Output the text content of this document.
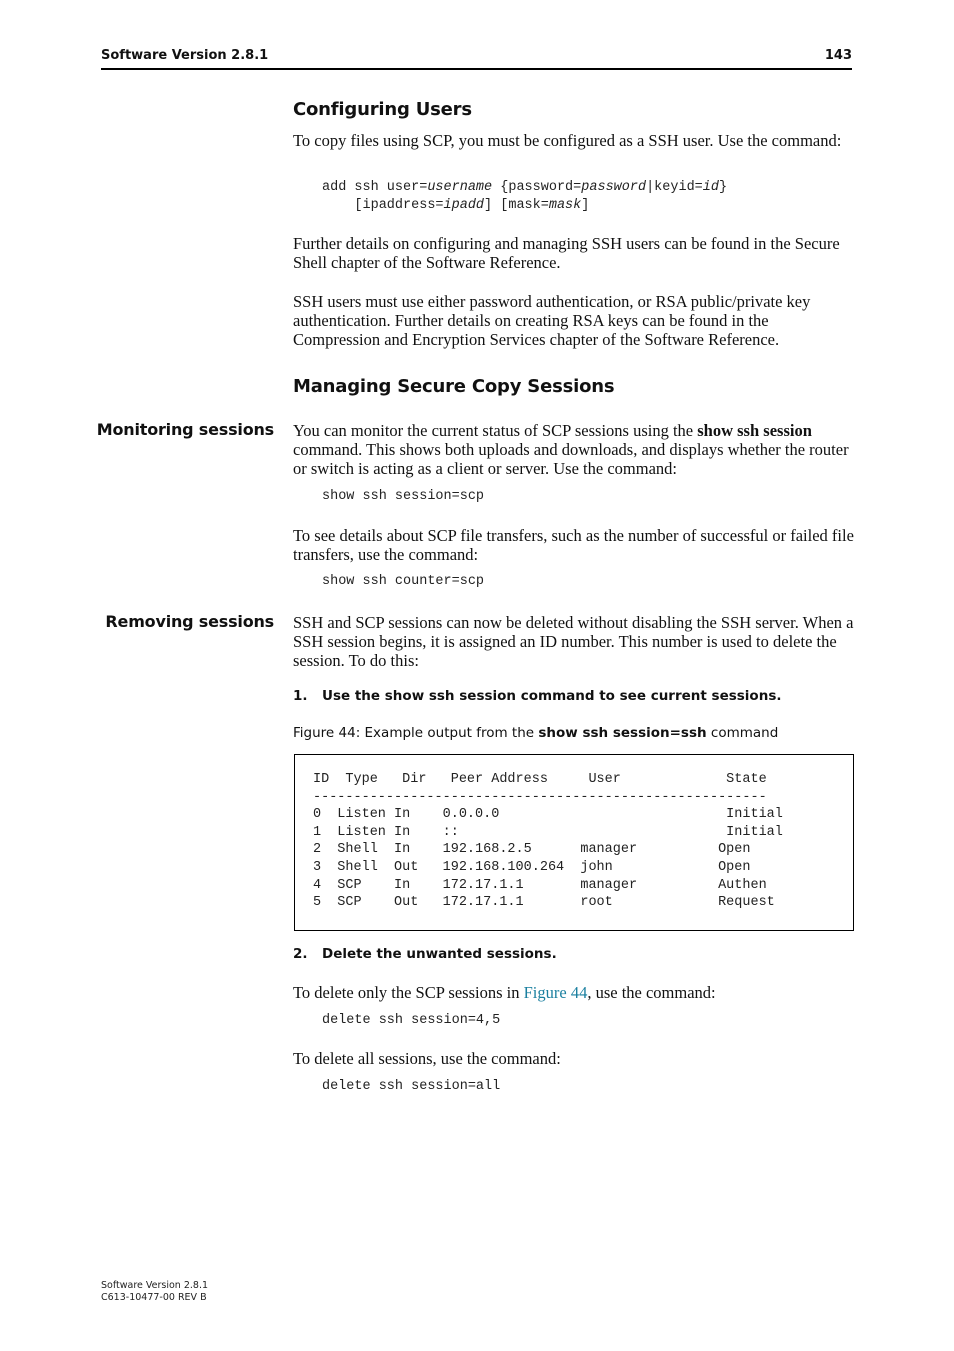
Software Version 2.8.1	143
Configuring Users
To copy files using SCP, you must be configured as a SSH user. Use the command:
add ssh user=username {password=password|keyid=id}
[ipaddress=ipadd] [mask=mask]
Further details on configuring and managing SSH users can be found in the Secure Shell chapter of the Software Reference.
SSH users must use either password authentication, or RSA public/private key authentication. Further details on creating RSA keys can be found in the Compression and Encryption Services chapter of the Software Reference.
Managing Secure Copy Sessions
Monitoring sessions You can monitor the current status of SCP sessions using the show ssh session command. This shows both uploads and downloads, and displays whether the router or switch is acting as a client or server. Use the command:
show ssh session=scp
To see details about SCP file transfers, such as the number of successful or failed file transfers, use the command:
show ssh counter=scp
Removing sessions SSH and SCP sessions can now be deleted without disabling the SSH server. When a SSH session begins, it is assigned an ID number. This number is used to delete the session. To do this:
1. Use the show ssh session command to see current sessions.
Figure 44: Example output from the show ssh session=ssh command
ID  Type   Dir   Peer Address     User             State
--------------------------------------------------------
0  Listen In    0.0.0.0                            Initial
1  Listen In    ::                                 Initial
2  Shell  In    192.168.2.5      manager          Open
3  Shell  Out   192.168.100.264  john             Open
4  SCP    In    172.17.1.1       manager          Authen
5  SCP    Out   172.17.1.1       root             Request
2. Delete the unwanted sessions.
To delete only the SCP sessions in Figure 44, use the command:
delete ssh session=4,5
To delete all sessions, use the command:
delete ssh session=all
Software Version 2.8.1
C613-10477-00 REV B
